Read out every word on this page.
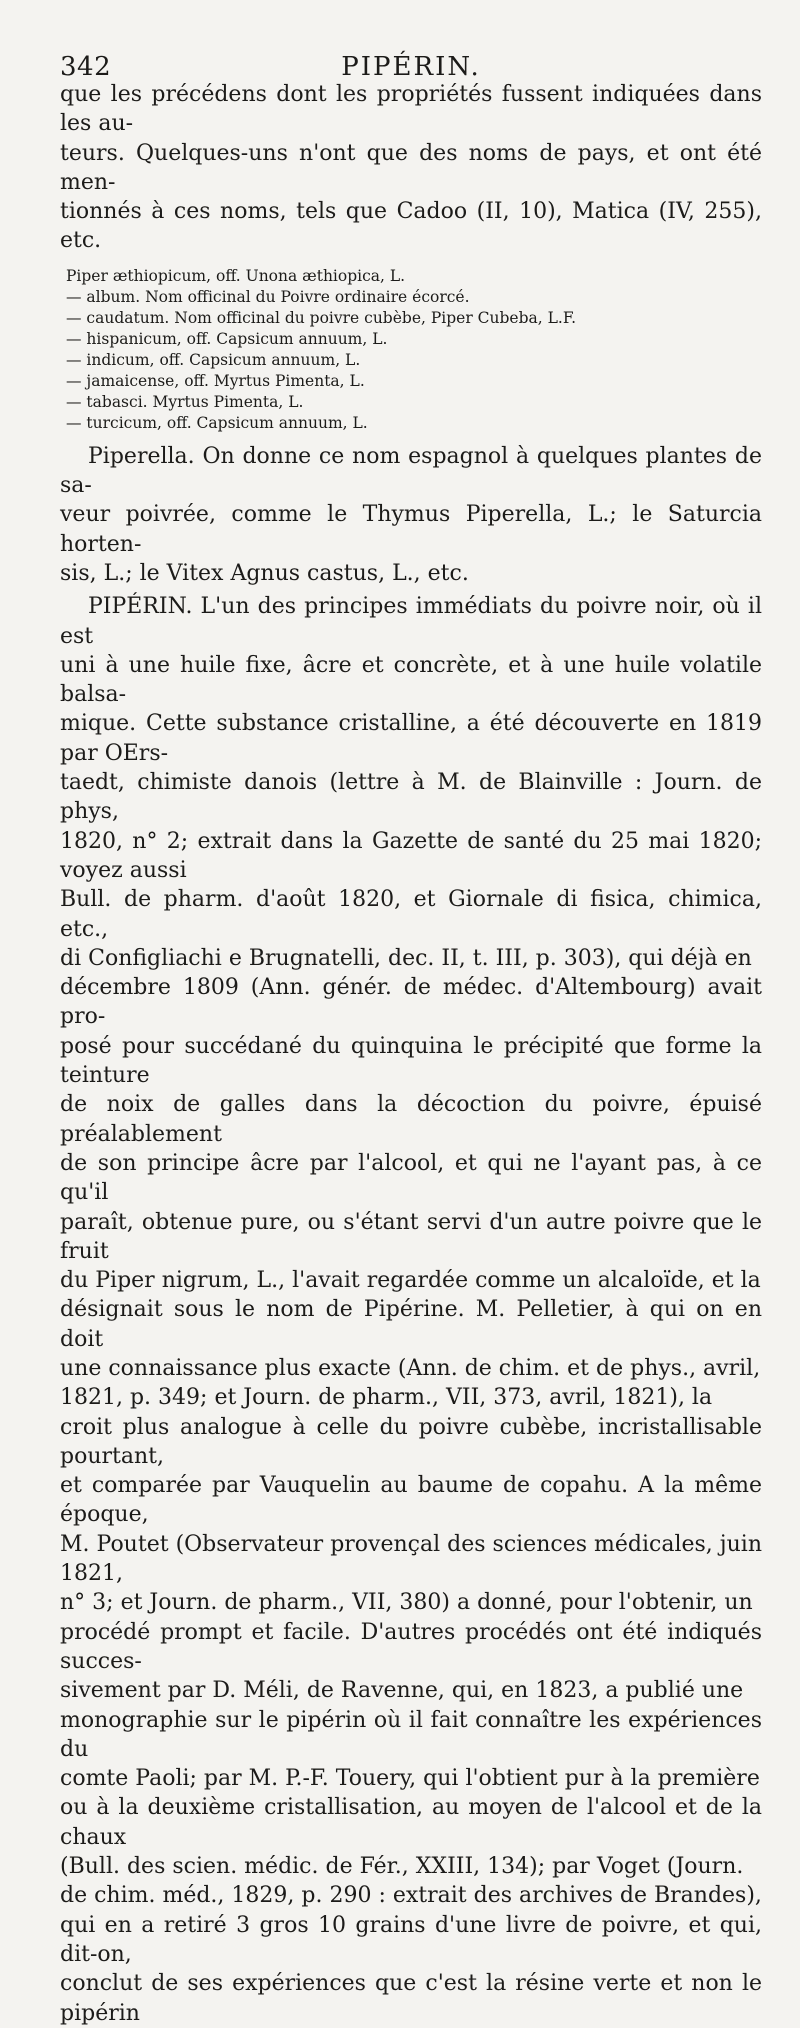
342	PIPÉRIN.

que les précédens dont les propriétés fussent indiquées dans les au-

teurs. Quelques-uns n'ont que des noms de pays, et ont été men-

tionnés à ces noms, tels que Cadoo (II, 10), Matica (IV, 255), etc.

Piper æthiopicum, off. Unona æthiopica, L.
— album. Nom officinal du Poivre ordinaire écorcé.
— caudatum. Nom officinal du poivre cubèbe, Piper Cubeba, L.F.
— hispanicum, off. Capsicum annuum, L.
— indicum, off. Capsicum annuum, L.
— jamaicense, off. Myrtus Pimenta, L.
— tabasci. Myrtus Pimenta, L.
— turcicum, off. Capsicum annuum, L.

Piperella. On donne ce nom espagnol à quelques plantes de sa-

veur poivrée, comme le Thymus Piperella, L.; le Saturcia horten-

sis, L.; le Vitex Agnus castus, L., etc.

PIPÉRIN. L'un des principes immédiats du poivre noir, où il est

uni à une huile fixe, âcre et concrète, et à une huile volatile balsa-

mique. Cette substance cristalline, a été découverte en 1819 par OErs-

taedt, chimiste danois (lettre à M. de Blainville : Journ. de phys,

1820, n° 2; extrait dans la Gazette de santé du 25 mai 1820; voyez aussi

Bull. de pharm. d'août 1820, et Giornale di fisica, chimica, etc.,

di Configliachi e Brugnatelli, dec. II, t. III, p. 303), qui déjà en

décembre 1809 (Ann. génér. de médec. d'Altembourg) avait pro-

posé pour succédané du quinquina le précipité que forme la teinture

de noix de galles dans la décoction du poivre, épuisé préalablement

de son principe âcre par l'alcool, et qui ne l'ayant pas, à ce qu'il

paraît, obtenue pure, ou s'étant servi d'un autre poivre que le fruit

du Piper nigrum, L., l'avait regardée comme un alcaloïde, et la

désignait sous le nom de Pipérine. M. Pelletier, à qui on en doit

une connaissance plus exacte (Ann. de chim. et de phys., avril,

1821, p. 349; et Journ. de pharm., VII, 373, avril, 1821), la

croit plus analogue à celle du poivre cubèbe, incristallisable pourtant,

et comparée par Vauquelin au baume de copahu. A la même époque,

M. Poutet (Observateur provençal des sciences médicales, juin 1821,

n° 3; et Journ. de pharm., VII, 380) a donné, pour l'obtenir, un

procédé prompt et facile. D'autres procédés ont été indiqués succes-

sivement par D. Méli, de Ravenne, qui, en 1823, a publié une

monographie sur le pipérin où il fait connaître les expériences du

comte Paoli; par M. P.-F. Touery, qui l'obtient pur à la première

ou à la deuxième cristallisation, au moyen de l'alcool et de la chaux

(Bull. des scien. médic. de Fér., XXIII, 134); par Voget (Journ.

de chim. méd., 1829, p. 290 : extrait des archives de Brandes),

qui en a retiré 3 gros 10 grains d'une livre de poivre, et qui, dit-on,

conclut de ses expériences que c'est la résine verte et non le pipérin
